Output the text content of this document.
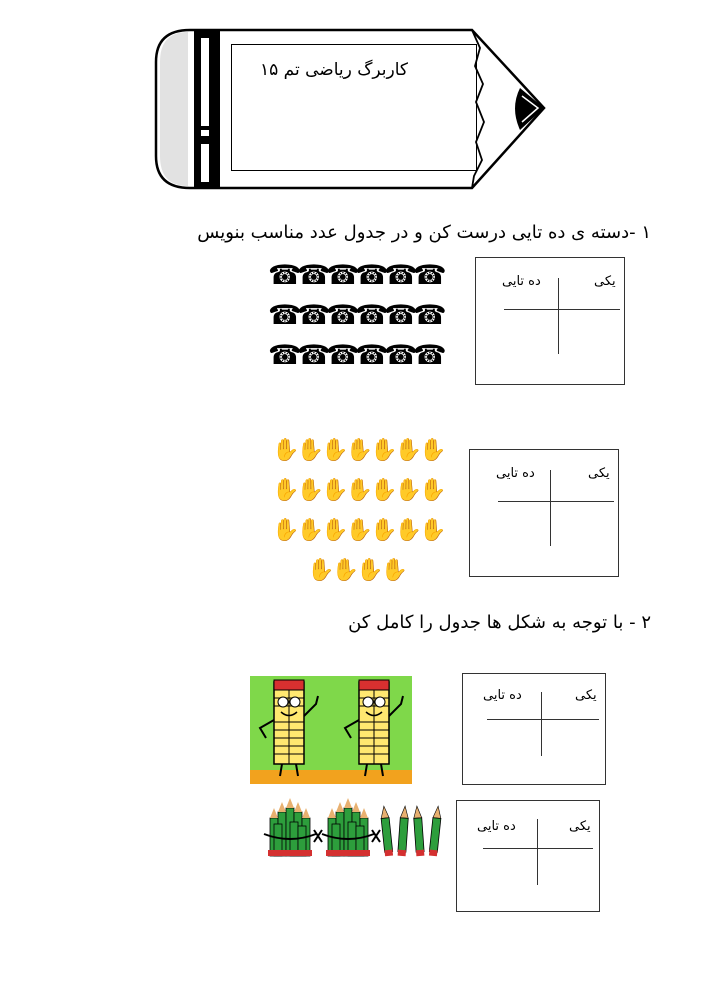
کاربرگ ریاضی تم ۱۵
۱ -دسته ی ده تایی درست کن و در جدول عدد مناسب بنویس
☎
☎
☎
☎
☎
☎
☎
☎
☎
☎
☎
☎
☎
☎
☎
☎
☎
☎
ده تایی	یکی
✋
✋
✋
✋
✋
✋
✋
✋
✋
✋
✋
✋
✋
✋
✋
✋
✋
✋
✋
✋
✋
✋
✋
✋
✋
ده تایی	یکی
۲ - با توجه به شکل ها جدول را کامل کن
ده تایی	یکی
ده تایی	یکی
